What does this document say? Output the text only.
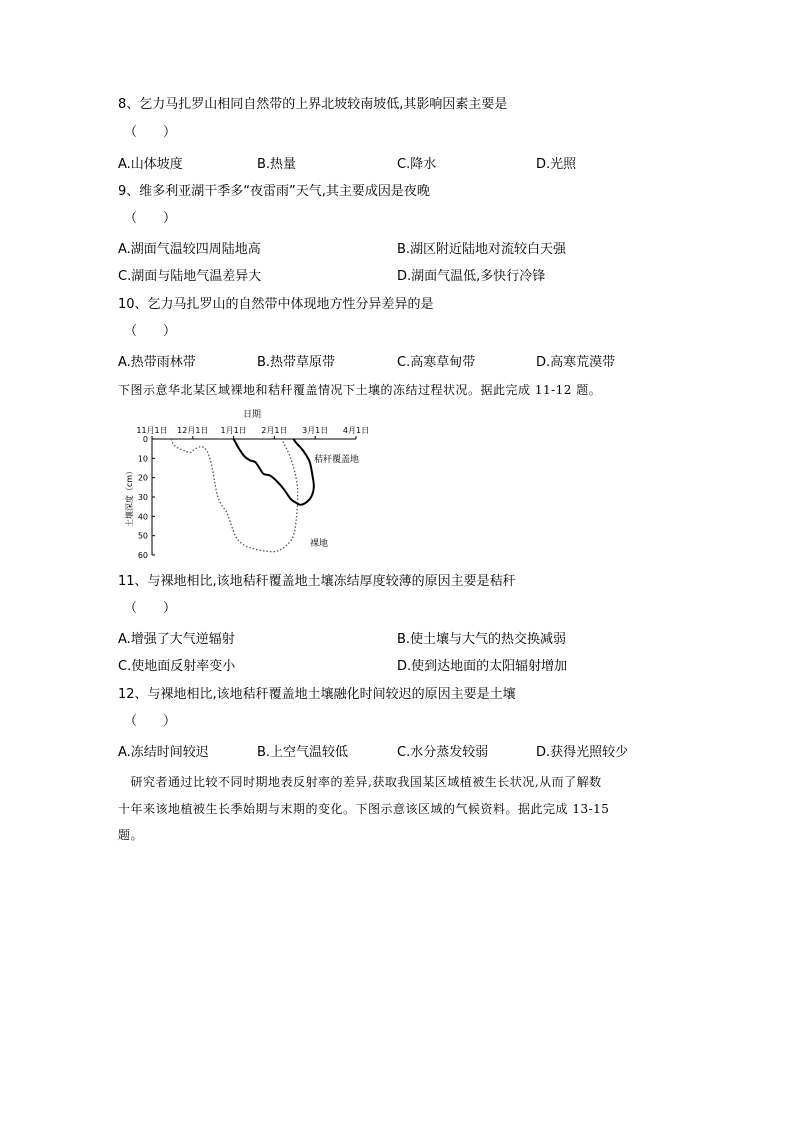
8、乞力马扎罗山相同自然带的上界北坡较南坡低,其影响因素主要是
（　　）
A.山体坡度	B.热量	C.降水	D.光照
9、维多利亚湖干季多“夜雷雨”天气,其主要成因是夜晚
（　　）
A.湖面气温较四周陆地高	B.湖区附近陆地对流较白天强
C.湖面与陆地气温差异大	D.湖面气温低,多快行冷锋
10、乞力马扎罗山的自然带中体现地方性分异差异的是
（　　）
A.热带雨林带	B.热带草原带	C.高寒草甸带	D.高寒荒漠带
下图示意华北某区域裸地和秸秆覆盖情况下土壤的冻结过程状况。据此完成 11-12 题。
日期
11月1日 12月1日 1月1日 2月1日 3月1日 4月1日
0
10
20
30
40
50
60
土壤深度（cm）
秸秆覆盖地
裸地
11、与裸地相比,该地秸秆覆盖地土壤冻结厚度较薄的原因主要是秸秆
（　　）
A.增强了大气逆辐射	B.使土壤与大气的热交换减弱
C.使地面反射率变小	D.使到达地面的太阳辐射增加
12、与裸地相比,该地秸秆覆盖地土壤融化时间较迟的原因主要是土壤
（　　）
A.冻结时间较迟	B.上空气温较低	C.水分蒸发较弱	D.获得光照较少
　研究者通过比较不同时期地表反射率的差异,获取我国某区域植被生长状况,从而了解数
十年来该地植被生长季始期与末期的变化。下图示意该区域的气候资料。据此完成 13-15
题。
